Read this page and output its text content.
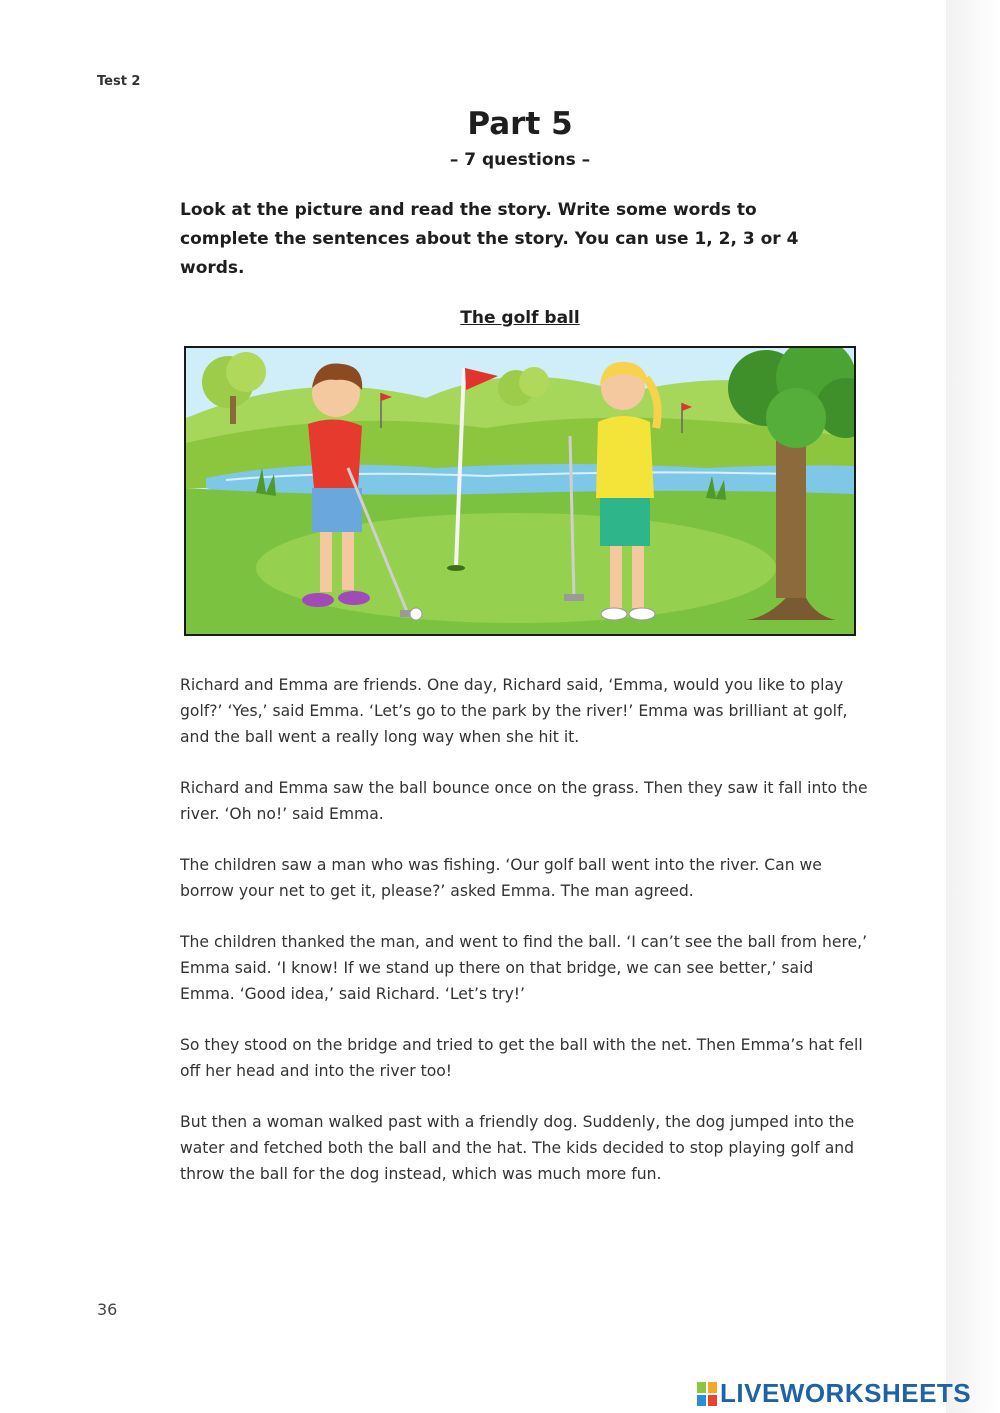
Test 2
Part 5
– 7 questions –
Look at the picture and read the story. Write some words to complete the sentences about the story. You can use 1, 2, 3 or 4 words.
The golf ball

Richard and Emma are friends. One day, Richard said, ‘Emma, would you like to play golf?’ ‘Yes,’ said Emma. ‘Let’s go to the park by the river!’ Emma was brilliant at golf, and the ball went a really long way when she hit it.

Richard and Emma saw the ball bounce once on the grass. Then they saw it fall into the river. ‘Oh no!’ said Emma.

The children saw a man who was fishing. ‘Our golf ball went into the river. Can we borrow your net to get it, please?’ asked Emma. The man agreed.

The children thanked the man, and went to find the ball. ‘I can’t see the ball from here,’ Emma said. ‘I know! If we stand up there on that bridge, we can see better,’ said Emma. ‘Good idea,’ said Richard. ‘Let’s try!’

So they stood on the bridge and tried to get the ball with the net. Then Emma’s hat fell off her head and into the river too!

But then a woman walked past with a friendly dog. Suddenly, the dog jumped into the water and fetched both the ball and the hat. The kids decided to stop playing golf and throw the ball for the dog instead, which was much more fun.

36
LIVEWORKSHEETS
